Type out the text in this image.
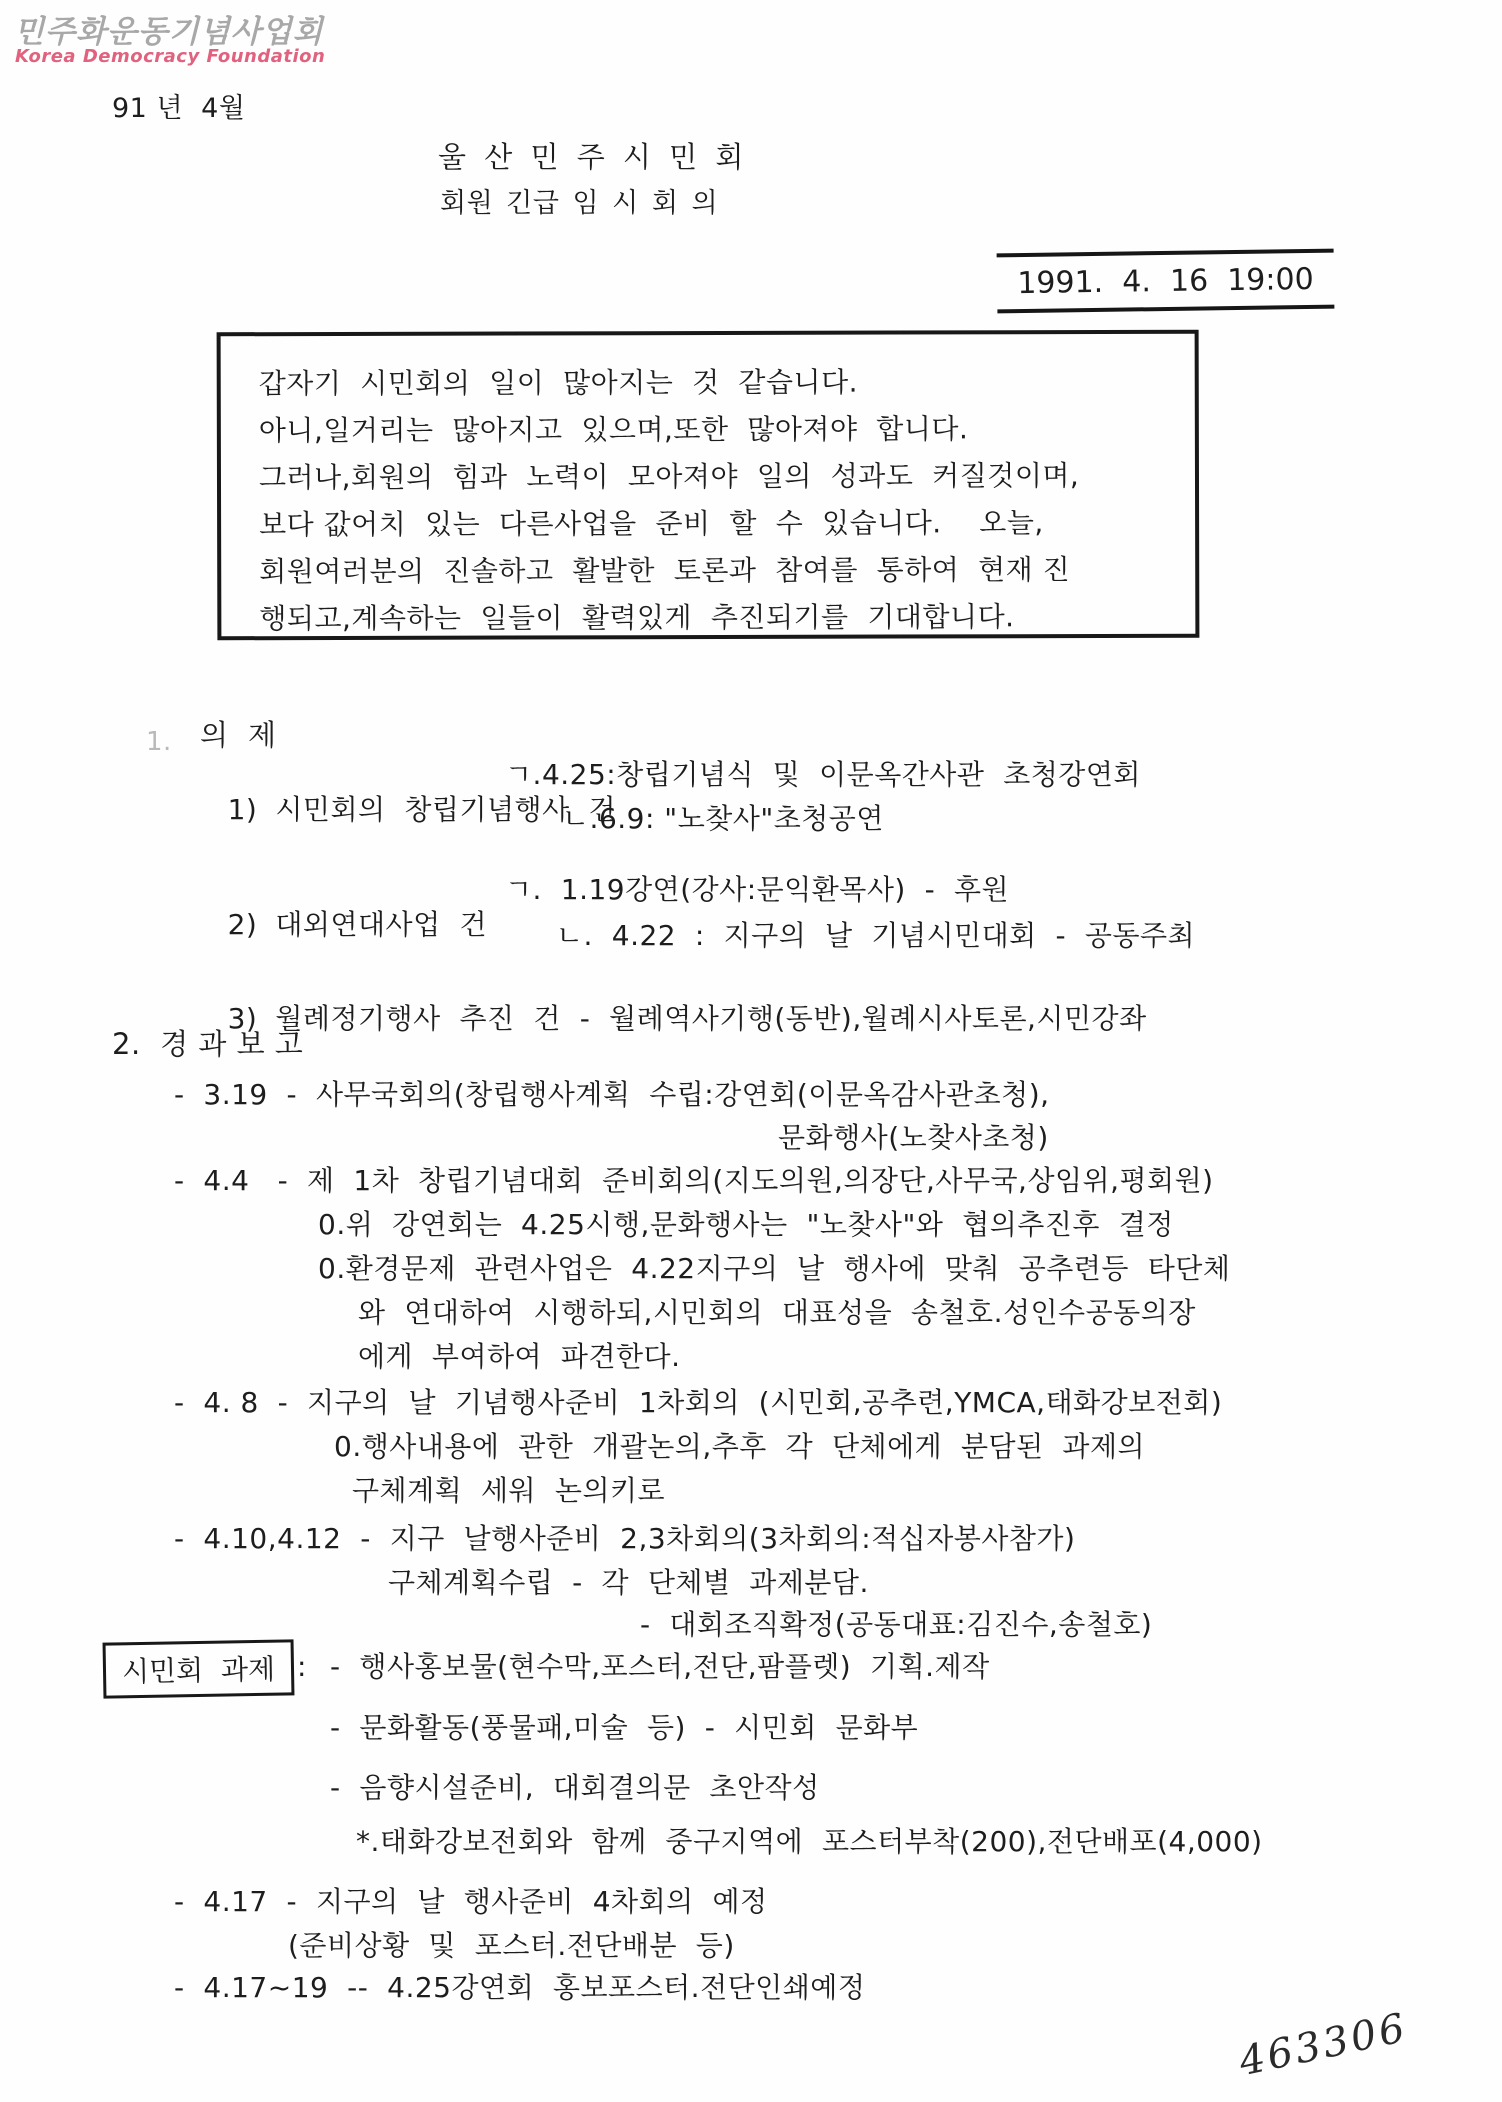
민주화운동기념사업회
Korea Democracy Foundation
91 년  4월
울 산 민 주 시 민 회
회원 긴급 임 시 회 의
1991.  4.  16  19:00
갑자기  시민회의  일이  많아지는  것  같습니다.
아니,일거리는  많아지고  있으며,또한  많아져야  합니다.
그러나,회원의  힘과  노력이  모아져야  일의  성과도  커질것이며,
보다 값어치  있는  다른사업을  준비  할  수  있습니다.    오늘,
회원여러분의  진솔하고  활발한  토론과  참여를  통하여  현재 진
행되고,계속하는  일들이  활력있게  추진되기를  기대합니다.
1. 의  제

1) 시민회의  창립기념행사  건

ㄱ.4.25:창립기념식  및  이문옥간사관  초청강연회
ㄴ.6.9: "노찾사"초청공연

2) 대외연대사업  건

ㄱ.  1.19강연(강사:문익환목사)  -  후원
ㄴ.  4.22  :  지구의  날  기념시민대회  -  공동주최

3) 월례정기행사  추진  건  -  월례역사기행(동반),월례시사토론,시민강좌

2.  경 과 보 고
-  3.19  -  사무국회의(창립행사계획  수립:강연회(이문옥감사관초청),
문화행사(노찾사초청)
-  4.4   -  제  1차  창립기념대회  준비회의(지도의원,의장단,사무국,상임위,평회원)
0.위  강연회는  4.25시행,문화행사는  "노찾사"와  협의추진후  결정
0.환경문제  관련사업은  4.22지구의  날  행사에  맞춰  공추련등  타단체
와  연대하여  시행하되,시민회의  대표성을  송철호.성인수공동의장
에게  부여하여  파견한다.
-  4. 8  -  지구의  날  기념행사준비  1차회의  (시민회,공추련,YMCA,태화강보전회)
0.행사내용에  관한  개괄논의,추후  각  단체에게  분담된  과제의
구체계획  세워  논의키로
-  4.10,4.12  -  지구  날행사준비  2,3차회의(3차회의:적십자봉사참가)
구체계획수립  -  각  단체별  과제분담.
-  대회조직확정(공동대표:김진수,송철호)
시민회  과제 : -  행사홍보물(현수막,포스터,전단,팜플렛)  기획.제작
-  문화활동(풍물패,미술  등)  -  시민회  문화부
-  음향시설준비,  대회결의문  초안작성
*.태화강보전회와  함께  중구지역에  포스터부착(200),전단배포(4,000)
-  4.17  -  지구의  날  행사준비  4차회의  예정
(준비상황  및  포스터.전단배분  등)
-  4.17~19  --  4.25강연회  홍보포스터.전단인쇄예정
463306
